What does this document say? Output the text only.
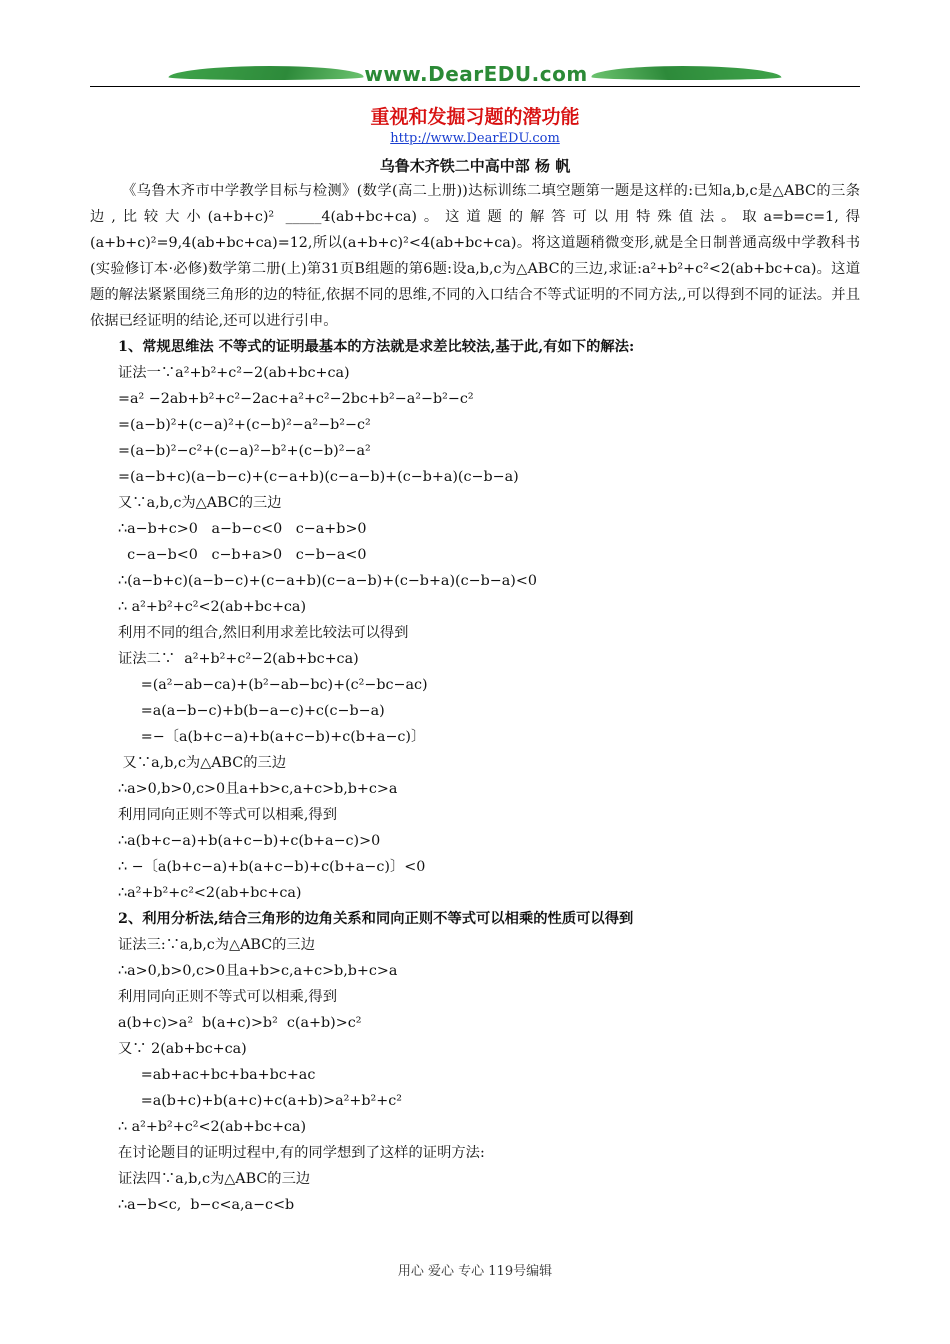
www.DearEDU.com
重视和发掘习题的潜功能
http://www.DearEDU.com
乌鲁木齐铁二中高中部 杨 帆

《乌鲁木齐市中学教学目标与检测》(数学(高二上册))达标训练二填空题第一题是这样的:已知a,b,c是△ABC的三条边,比较大小(a+b+c)² _____4(ab+bc+ca)。这道题的解答可以用特殊值法。取a=b=c=1,得(a+b+c)²=9,4(ab+bc+ca)=12,所以(a+b+c)²<4(ab+bc+ca)。将这道题稍微变形,就是全日制普通高级中学教科书(实验修订本·必修)数学第二册(上)第31页B组题的第6题:设a,b,c为△ABC的三边,求证:a²+b²+c²<2(ab+bc+ca)。这道题的解法紧紧围绕三角形的边的特征,依据不同的思维,不同的入口结合不等式证明的不同方法,,可以得到不同的证法。并且依据已经证明的结论,还可以进行引申。

1、常规思维法 不等式的证明最基本的方法就是求差比较法,基于此,有如下的解法:
证法一∵a²+b²+c²−2(ab+bc+ca)
=a² −2ab+b²+c²−2ac+a²+c²−2bc+b²−a²−b²−c²
=(a−b)²+(c−a)²+(c−b)²−a²−b²−c²
=(a−b)²−c²+(c−a)²−b²+(c−b)²−a²
=(a−b+c)(a−b−c)+(c−a+b)(c−a−b)+(c−b+a)(c−b−a)
又∵a,b,c为△ABC的三边
∴a−b+c>0   a−b−c<0   c−a+b>0
c−a−b<0   c−b+a>0   c−b−a<0
∴(a−b+c)(a−b−c)+(c−a+b)(c−a−b)+(c−b+a)(c−b−a)<0
∴ a²+b²+c²<2(ab+bc+ca)
利用不同的组合,然旧利用求差比较法可以得到
证法二∵  a²+b²+c²−2(ab+bc+ca)
=(a²−ab−ca)+(b²−ab−bc)+(c²−bc−ac)
=a(a−b−c)+b(b−a−c)+c(c−b−a)
=−〔a(b+c−a)+b(a+c−b)+c(b+a−c)〕
又∵a,b,c为△ABC的三边
∴a>0,b>0,c>0且a+b>c,a+c>b,b+c>a
利用同向正则不等式可以相乘,得到
∴a(b+c−a)+b(a+c−b)+c(b+a−c)>0
∴ −〔a(b+c−a)+b(a+c−b)+c(b+a−c)〕<0
∴a²+b²+c²<2(ab+bc+ca)
2、利用分析法,结合三角形的边角关系和同向正则不等式可以相乘的性质可以得到
证法三:∵a,b,c为△ABC的三边
∴a>0,b>0,c>0且a+b>c,a+c>b,b+c>a
利用同向正则不等式可以相乘,得到
a(b+c)>a²  b(a+c)>b²  c(a+b)>c²
又∵ 2(ab+bc+ca)
=ab+ac+bc+ba+bc+ac
=a(b+c)+b(a+c)+c(a+b)>a²+b²+c²
∴ a²+b²+c²<2(ab+bc+ca)
在讨论题目的证明过程中,有的同学想到了这样的证明方法:
证法四∵a,b,c为△ABC的三边
∴a−b<c,  b−c<a,a−c<b
用心 爱心 专心 119号编辑
